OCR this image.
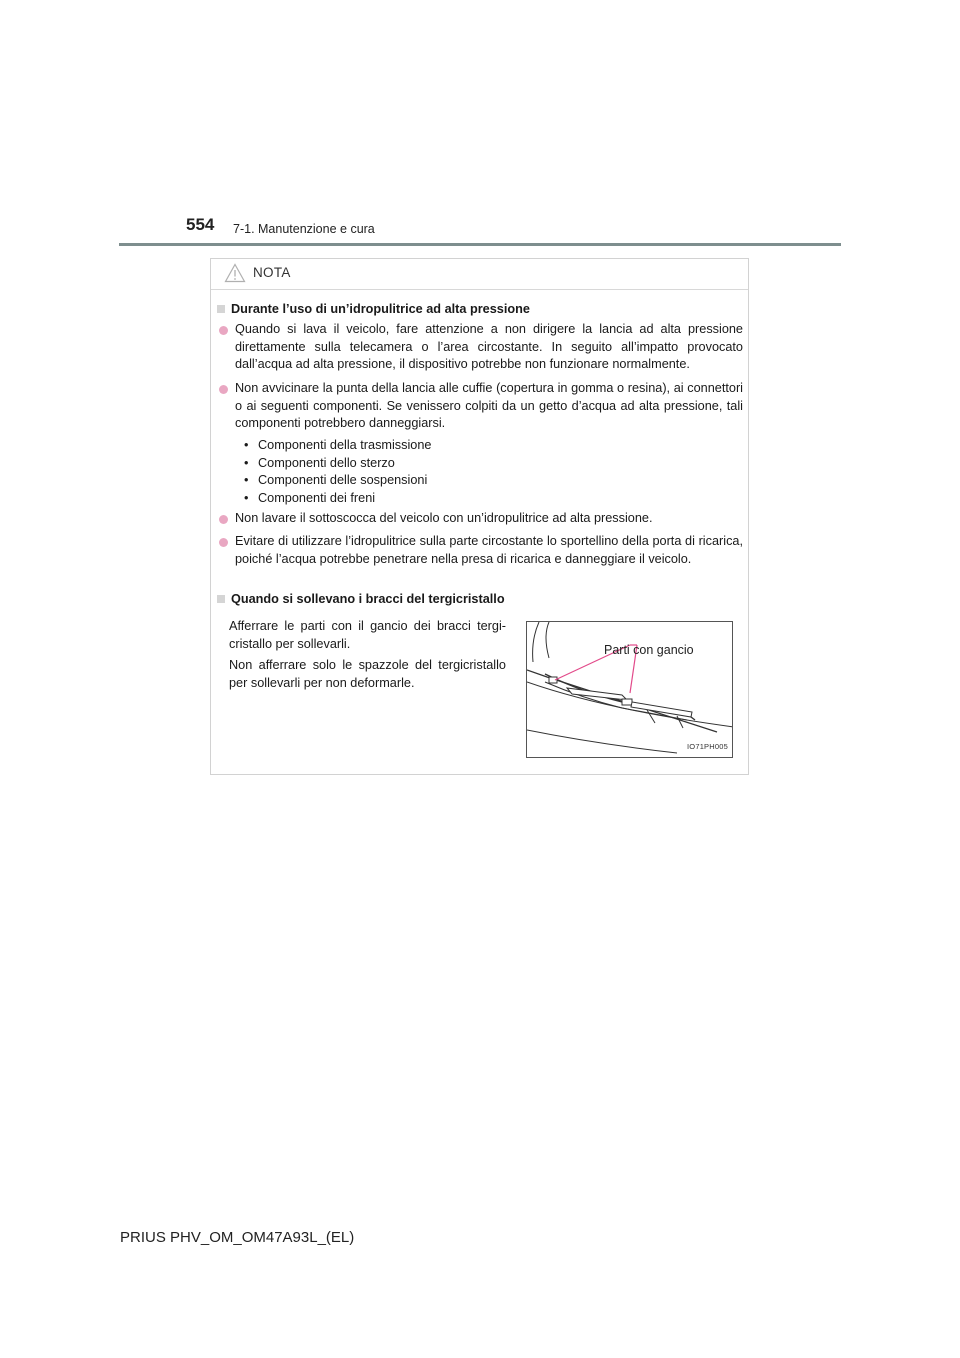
554 7-1. Manutenzione e cura
NOTA
Durante l’uso di un’idropulitrice ad alta pressione
Quando si lava il veicolo, fare attenzione a non dirigere la lancia ad alta pressione direttamente sulla telecamera o l’area circostante. In seguito all’impatto provocato dall’acqua ad alta pressione, il dispositivo potrebbe non funzionare normalmente.
Non avvicinare la punta della lancia alle cuffie (copertura in gomma o resina), ai connettori o ai seguenti componenti. Se venissero colpiti da un getto d’acqua ad alta pressione, tali componenti potrebbero danneggiarsi.
• Componenti della trasmissione
• Componenti dello sterzo
• Componenti delle sospensioni
• Componenti dei freni
Non lavare il sottoscocca del veicolo con un’idropulitrice ad alta pressione.
Evitare di utilizzare l’idropulitrice sulla parte circostante lo sportellino della porta di ricarica, poiché l’acqua potrebbe penetrare nella presa di ricarica e danneggiare il veicolo.
Quando si sollevano i bracci del tergicristallo
Afferrare le parti con il gancio dei bracci tergi-cristallo per sollevarli.
Non afferrare solo le spazzole del tergicristallo per sollevarli per non deformarle.
Parti con gancio
IO71PH005
PRIUS PHV_OM_OM47A93L_(EL)
